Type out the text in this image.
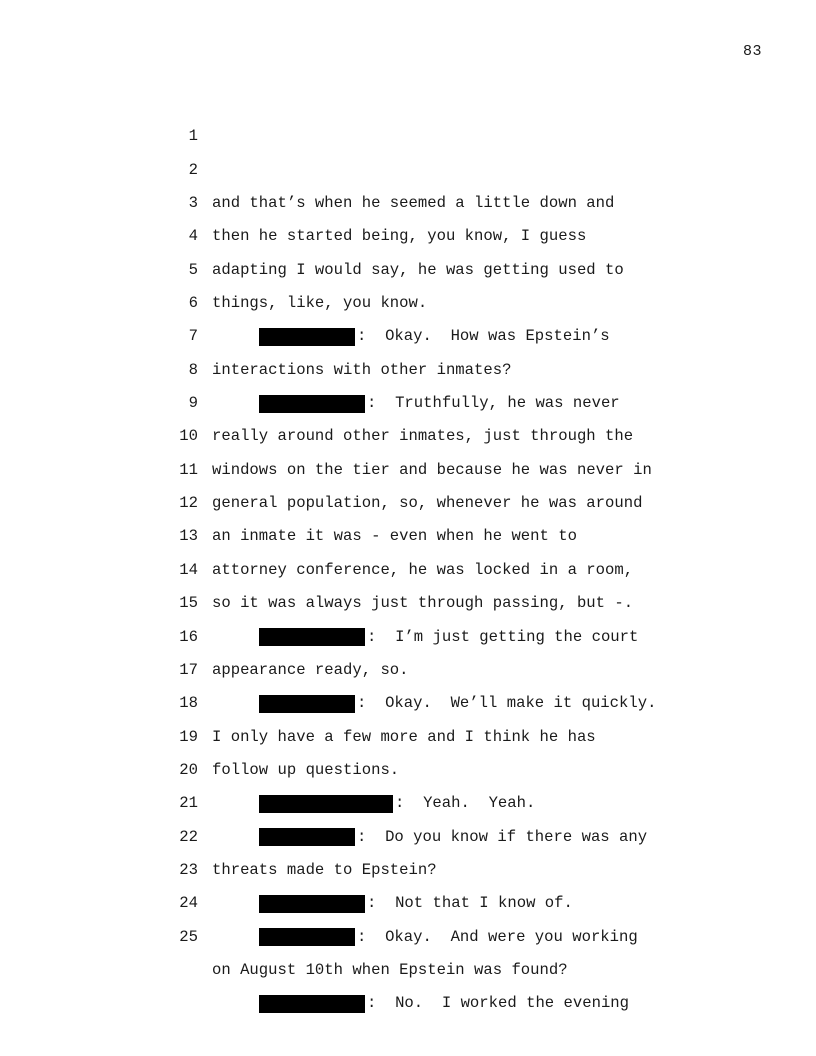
83

1

and that’s when he seemed a little down and

2

then he started being, you know, I guess

3

adapting I would say, he was getting used to

4

things, like, you know.

5

:  Okay.  How was Epstein’s

6

interactions with other inmates?

7

:  Truthfully, he was never

8

really around other inmates, just through the

9

windows on the tier and because he was never in

10

general population, so, whenever he was around

11

an inmate it was - even when he went to

12

attorney conference, he was locked in a room,

13

so it was always just through passing, but -.

14

:  I’m just getting the court

15

appearance ready, so.

16

:  Okay.  We’ll make it quickly.

17

I only have a few more and I think he has

18

follow up questions.

19

:  Yeah.  Yeah.

20

:  Do you know if there was any

21

threats made to Epstein?

22

:  Not that I know of.

23

:  Okay.  And were you working

24

on August 10th when Epstein was found?

25

:  No.  I worked the evening
